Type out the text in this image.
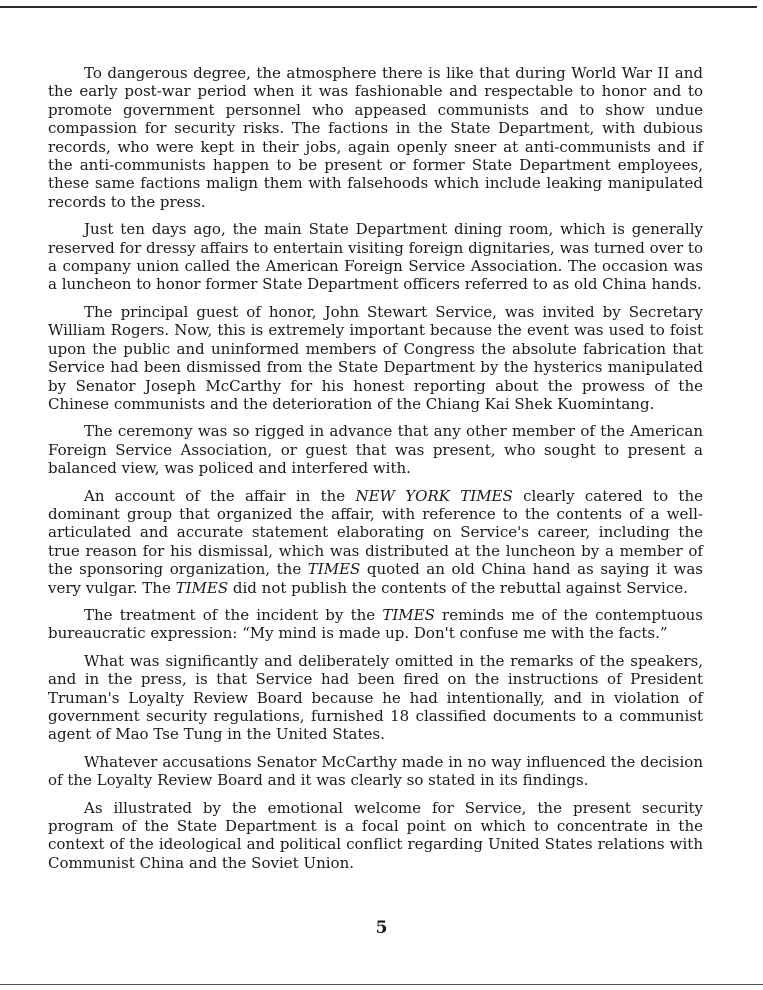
To dangerous degree, the atmosphere there is like that during World War II and the early post-war period when it was fashionable and respectable to honor and to promote government personnel who appeased communists and to show undue compassion for security risks. The factions in the State Department, with dubious records, who were kept in their jobs, again openly sneer at anti-communists and if the anti-communists happen to be present or former State Department employees, these same factions malign them with falsehoods which include leaking manipulated records to the press.

Just ten days ago, the main State Department dining room, which is generally reserved for dressy affairs to entertain visiting foreign dignitaries, was turned over to a company union called the American Foreign Service Association. The occasion was a luncheon to honor former State Department officers referred to as old China hands.

The principal guest of honor, John Stewart Service, was invited by Secretary William Rogers. Now, this is extremely important because the event was used to foist upon the public and uninformed members of Congress the absolute fabrication that Service had been dismissed from the State Department by the hysterics manipulated by Senator Joseph McCarthy for his honest reporting about the prowess of the Chinese communists and the deterioration of the Chiang Kai Shek Kuomintang.

The ceremony was so rigged in advance that any other member of the American Foreign Service Association, or guest that was present, who sought to present a balanced view, was policed and interfered with.

An account of the affair in the NEW YORK TIMES clearly catered to the dominant group that organized the affair, with reference to the contents of a well-articulated and accurate statement elaborating on Service's career, including the true reason for his dismissal, which was distributed at the luncheon by a member of the sponsoring organization, the TIMES quoted an old China hand as saying it was very vulgar. The TIMES did not publish the contents of the rebuttal against Service.

The treatment of the incident by the TIMES reminds me of the contemptuous bureaucratic expression: “My mind is made up. Don't confuse me with the facts.”

What was significantly and deliberately omitted in the remarks of the speakers, and in the press, is that Service had been fired on the instructions of President Truman's Loyalty Review Board because he had intentionally, and in violation of government security regulations, furnished 18 classified documents to a communist agent of Mao Tse Tung in the United States.

Whatever accusations Senator McCarthy made in no way influenced the decision of the Loyalty Review Board and it was clearly so stated in its findings.

As illustrated by the emotional welcome for Service, the present security program of the State Department is a focal point on which to concentrate in the context of the ideological and political conflict regarding United States relations with Communist China and the Soviet Union.

5
